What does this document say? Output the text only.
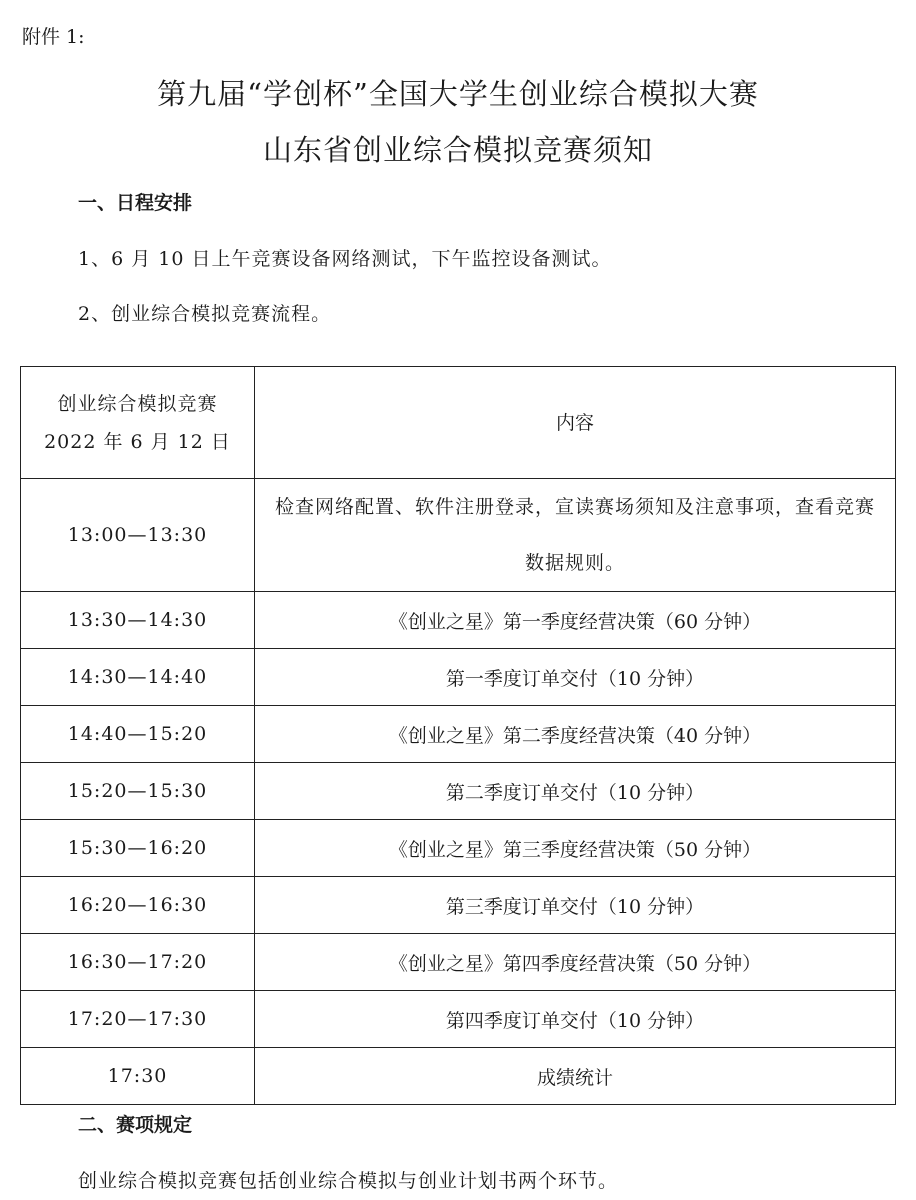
附件 1:
第九届“学创杯”全国大学生创业综合模拟大赛
山东省创业综合模拟竞赛须知
一、日程安排
1、6 月 10 日上午竞赛设备网络测试，下午监控设备测试。
2、创业综合模拟竞赛流程。
创业综合模拟竞赛
2022 年 6 月 12 日	内容
13:00—13:30	检查网络配置、软件注册登录，宣读赛场须知及注意事项，查看竞赛数据规则。
13:30—14:30	《创业之星》第一季度经营决策（60 分钟）
14:30—14:40	第一季度订单交付（10 分钟）
14:40—15:20	《创业之星》第二季度经营决策（40 分钟）
15:20—15:30	第二季度订单交付（10 分钟）
15:30—16:20	《创业之星》第三季度经营决策（50 分钟）
16:20—16:30	第三季度订单交付（10 分钟）
16:30—17:20	《创业之星》第四季度经营决策（50 分钟）
17:20—17:30	第四季度订单交付（10 分钟）
17:30	成绩统计
二、赛项规定
创业综合模拟竞赛包括创业综合模拟与创业计划书两个环节。
